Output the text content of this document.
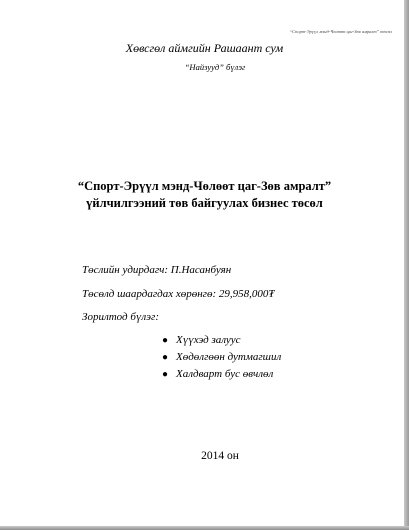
“Спорт-Эрүүл мэнд-Чөлөөт цаг-Зөв амралт” төсөл
Хөвсгөл аймгийн Рашаант сум
“Найзууд” бүлэг
“Спорт-Эрүүл мэнд-Чөлөөт цаг-Зөв амралт”
үйлчилгээний төв байгуулах бизнес төсөл
Төслийн удирдагч: П.Насанбуян
Төсөлд шаардагдах хөрөнгө: 29,958,000₮
Зорилтод бүлэг:
● Хүүхэд залуус
● Хөдөлгөөн дутмагшил
● Халдварт бус өвчлөл
2014 он
